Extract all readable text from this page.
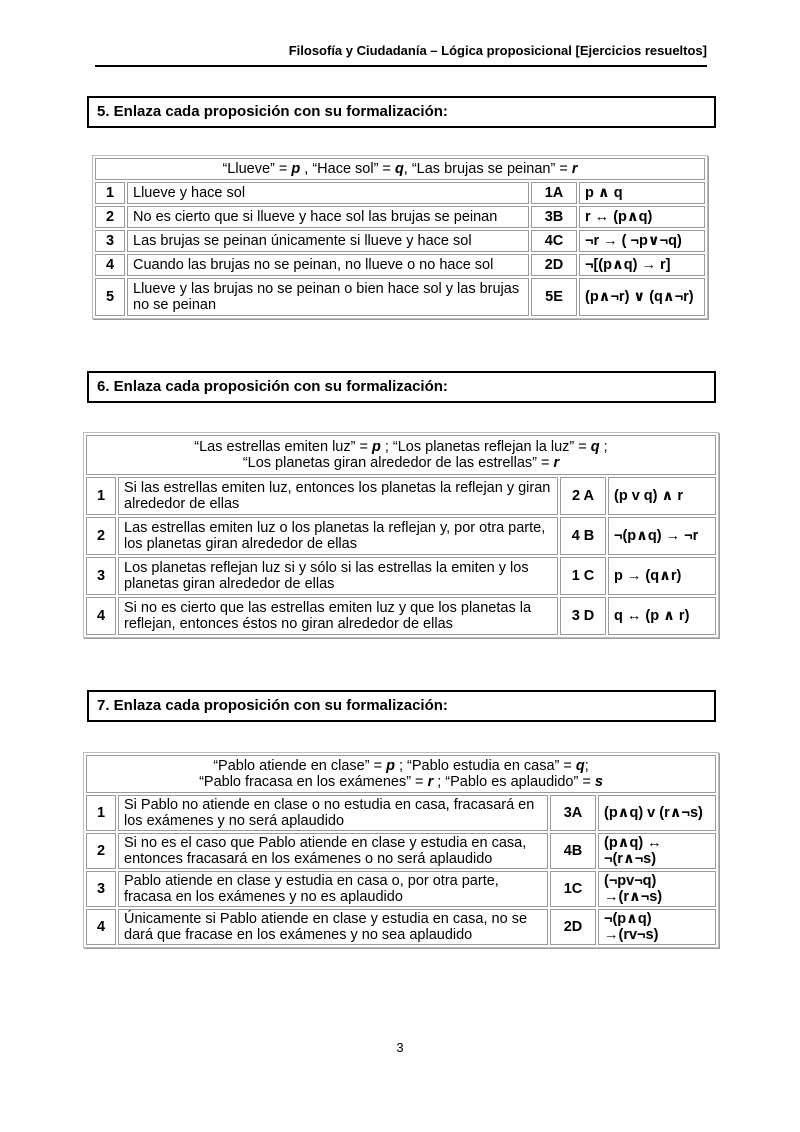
Filosofía y Ciudadanía – Lógica proposicional [Ejercicios resueltos]
5. Enlaza cada proposición con su formalización:
“Llueve” = p , “Hace sol” = q, “Las brujas se peinan” = r			
1	Llueve y hace sol	1A	p ∧ q
2	No es cierto que si llueve y hace sol las brujas se peinan	3B	r ↔ (p∧q)
3	Las brujas se peinan únicamente si llueve y hace sol	4C	¬r → ( ¬p∨¬q)
4	Cuando las brujas no se peinan, no llueve o no hace sol	2D	¬[(p∧q) → r]
5	Llueve y las brujas no se peinan o bien hace sol y las brujas no se peinan	5E	(p∧¬r) ∨ (q∧¬r)
6. Enlaza cada proposición con su formalización:
“Las estrellas emiten luz” = p ; “Los planetas reflejan la luz” = q ;
“Los planetas giran alrededor de las estrellas” = r			
1	Si las estrellas emiten luz, entonces los planetas la reflejan y giran alrededor de ellas	2 A	(p v q) ∧ r
2	Las estrellas emiten luz o los planetas la reflejan y, por otra parte, los planetas giran alrededor de ellas	4 B	¬(p∧q) → ¬r
3	Los planetas reflejan luz si y sólo si las estrellas la emiten y los planetas giran alrededor de ellas	1 C	p → (q∧r)
4	Si no es cierto que las estrellas emiten luz y que los planetas la reflejan, entonces éstos no giran alrededor de ellas	3 D	q ↔ (p ∧ r)
7. Enlaza cada proposición con su formalización:
“Pablo atiende en clase” = p ; “Pablo estudia en casa” = q;
“Pablo fracasa en los exámenes” = r ; “Pablo es aplaudido” = s			
1	Si Pablo no atiende en clase o no estudia en casa, fracasará en los exámenes y no será aplaudido	3A	(p∧q) v (r∧¬s)
2	Si no es el caso que Pablo atiende en clase y estudia en casa, entonces fracasará en los exámenes o no será aplaudido	4B	(p∧q) ↔ ¬(r∧¬s)
3	Pablo atiende en clase y estudia en casa o, por otra parte, fracasa en los exámenes y no es aplaudido	1C	(¬pv¬q) →(r∧¬s)
4	Únicamente si Pablo atiende en clase y estudia en casa, no se dará que fracase en los exámenes y no sea aplaudido	2D	¬(p∧q) →(rv¬s)
3
